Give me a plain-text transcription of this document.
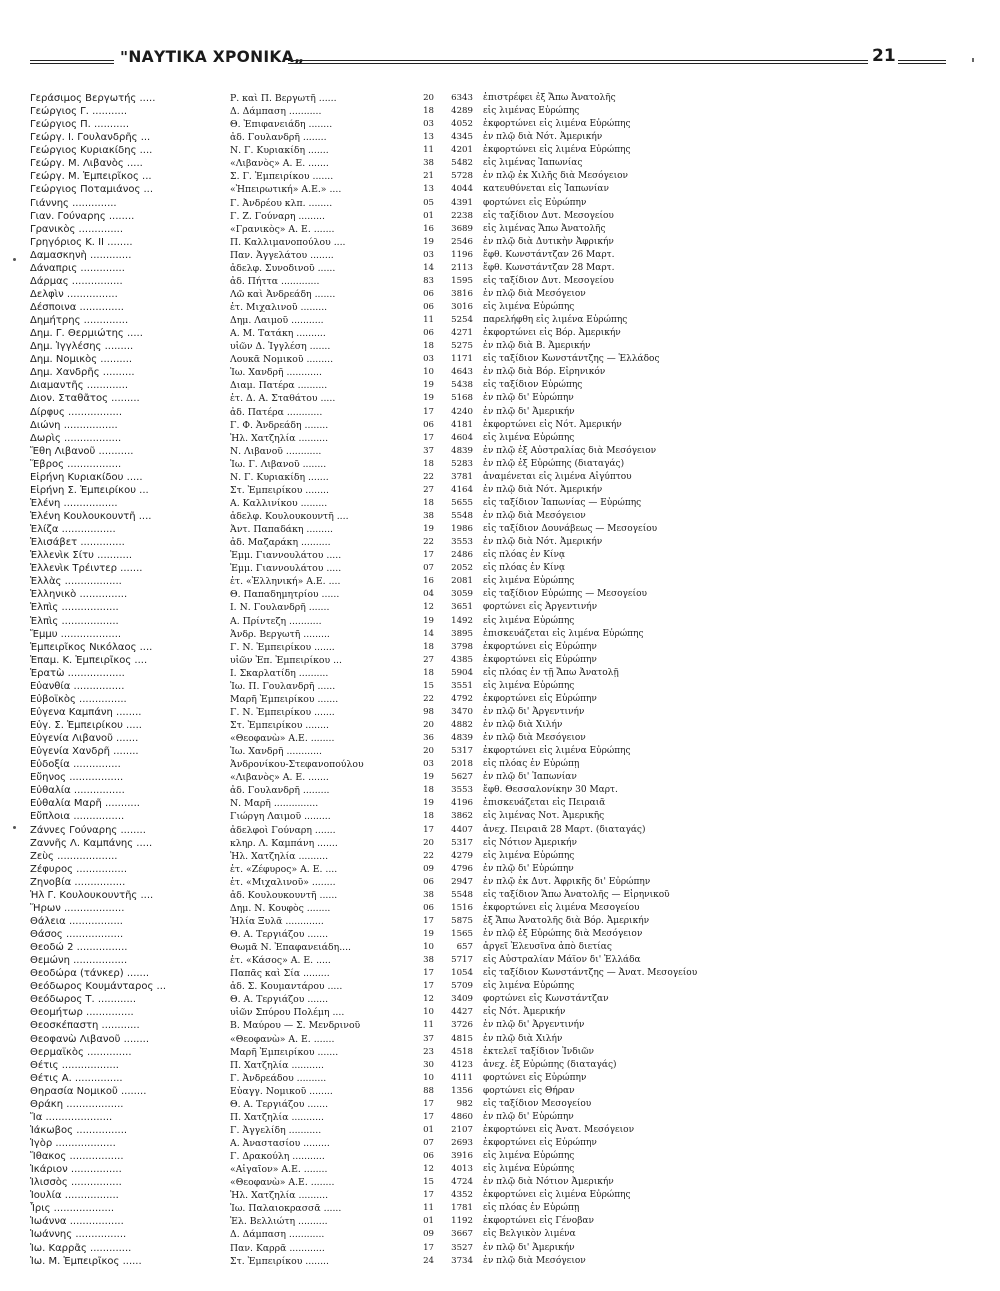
"ΝΑΥΤΙΚΑ ΧΡΟΝΙΚΑ„	21
Γεράσιμος Βεργωτής .....	Ρ. καὶ Π. Βεργωτῆ ......	20	6343 ἐπιστρέφει ἐξ Ἄπω Ἀνατολῆς
Γεώργιος Γ. ...........	Δ. Δάμπαση ...........	18	4289 εἰς λιμένας Εὐρώπης
Γεώργιος Π. ...........	Θ. Ἐπιφανειάδη ........	03	4052 ἐκφορτώνει εἰς λιμένα Εὐρώπης
Γεώργ. Ι. Γουλανδρῆς ...	ἀδ. Γουλανδρῆ ........	13	4345 ἐν πλῷ διὰ Νότ. Ἀμερικήν
Γεώργιος Κυριακίδης ....	Ν. Γ. Κυριακίδη .......	11	4201 ἐκφορτώνει εἰς λιμένα Εὐρώπης
Γεώργ. Μ. Λιβανὸς .....	«Λιβανὸς» Α. Ε. .......	38	5482 εἰς λιμένας Ἰαπωνίας
Γεώργ. Μ. Ἐμπειρῖκος ...	Σ. Γ. Ἐμπειρίκου .......	21	5728 ἐν πλῷ ἐκ Χιλῆς διὰ Μεσόγειον
Γεώργιος Ποταμιάνος ...	«Ἠπειρωτική» Α.Ε.» ....	13	4044 κατευθύνεται εἰς Ἰαπωνίαν
Γιάννης ..............	Γ. Ἀνδρέου κλπ. ........	05	4391 φορτώνει εἰς Εὐρώπην
Γιαν. Γούναρης ........	Γ. Ζ. Γούναρη .........	01	2238 εἰς ταξίδιον Δυτ. Μεσογείου
Γρανικὸς ..............	«Γρανικὸς» Α. Ε. .......	16	3689 εἰς λιμένας Ἄπω Ἀνατολῆς
Γρηγόριος Κ. ΙΙ ........	Π. Καλλιμανοπούλου ....	19	2546 ἐν πλῷ διὰ Δυτικὴν Ἀφρικήν
Δαμασκηνὴ .............	Παν. Ἀγγελάτου ........	03	1196 ἔφθ. Κωνστάντζαν 26 Μαρτ.
Δάναπρις ..............	ἀδελφ. Συνοδινοῦ ......	14	2113 ἔφθ. Κωνστάντζαν 28 Μαρτ.
Δάρμας ................	ἀδ. Πήττα .............	83	1595 εἰς ταξίδιον Δυτ. Μεσογείου
Δελφὶν ................	Λῶ καὶ Ἀνδρεάδη .......	06	3816 ἐν πλῷ διὰ Μεσόγειον
Δέσποινα ..............	ἐτ. Μιχαλινοῦ .........	06	3016 εἰς λιμένα Εὐρώπης
Δημήτρης ..............	Δημ. Λαιμοῦ ...........	11	5254 παρελήφθη εἰς λιμένα Εὐρώπης
Δημ. Γ. Θερμιώτης .....	Α. Μ. Τατάκη ..........	06	4271 ἐκφορτώνει εἰς Βόρ. Ἀμερικήν
Δημ. Ἰγγλέσης .........	υἱῶν Δ. Ἰγγλέση .......	18	5275 ἐν πλῷ διὰ Β. Ἀμερικήν
Δημ. Νομικὸς ..........	Λουκᾶ Νομικοῦ .........	03	1171 εἰς ταξίδιον Κωνστάντζης — Ἑλλάδος
Δημ. Χανδρῆς ..........	Ἰω. Χανδρῆ ............	10	4643 ἐν πλῷ διὰ Βόρ. Εἰρηνικόν
Διαμαντῆς .............	Διαμ. Πατέρα ..........	19	5438 εἰς ταξίδιον Εὐρώπης
Διον. Σταθᾶτος .........	ἐτ. Δ. Α. Σταθάτου .....	19	5168 ἐν πλῷ δι' Εὐρώπην
Δίρφυς .................	ἀδ. Πατέρα ............	17	4240 ἐν πλῷ δι' Ἀμερικήν
Διώνη .................	Γ. Φ. Ἀνδρεάδη ........	06	4181 ἐκφορτώνει εἰς Νότ. Ἀμερικήν
Δωρὶς ..................	Ἠλ. Χατζηλία ..........	17	4604 εἰς λιμένα Εὐρώπης
Ἔθη Λιβανοῦ ...........	Ν. Λιβανοῦ ............	37	4839 ἐν πλῷ ἐξ Αὐστραλίας διὰ Μεσόγειον
Ἕβρος .................	Ἰω. Γ. Λιβανοῦ ........	18	5283 ἐν πλῷ ἐξ Εὐρώπης (διαταγάς)
Εἰρήνη Κυριακίδου .....	Ν. Γ. Κυριακίδη .......	22	3781 ἀναμένεται εἰς λιμένα Αἰγύπτου
Εἰρήνη Σ. Ἐμπειρίκου ...	Στ. Ἐμπειρίκου ........	27	4164 ἐν πλῷ διὰ Νότ. Ἀμερικήν
Ἑλένη .................	Α. Καλλινίκου .........	18	5655 εἰς ταξίδιον Ἰαπωνίας — Εὐρώπης
Ἑλένη Κουλουκουντῆ ....	ἀδελφ. Κουλουκουντῆ ....	38	5548 ἐν πλῷ διὰ Μεσόγειον
Ἐλίζα .................	Ἀντ. Παπαδάκη .........	19	1986 εἰς ταξίδιον Δουνάβεως — Μεσογείου
Ἐλισάβετ ..............	ἀδ. Μαζαράκη ..........	22	3553 ἐν πλῷ διὰ Νότ. Ἀμερικήν
Ἐλλενὶκ Σίτυ ...........	Ἐμμ. Γιαννουλάτου .....	17	2486 εἰς πλόας ἐν Κίνᾳ
Ἐλλενὶκ Τρέιντερ .......	Ἐμμ. Γιαννουλάτου .....	07	2052 εἰς πλόας ἐν Κίνᾳ
Ἑλλὰς ..................	ἐτ. «Ἑλληνική» Α.Ε. ....	16	2081 εἰς λιμένα Εὐρώπης
Ἑλληνικὸ ...............	Θ. Παπαδημητρίου ......	04	3059 εἰς ταξίδιον Εὐρώπης — Μεσογείου
Ἐλπὶς ..................	Ι. Ν. Γουλανδρῆ .......	12	3651 φορτώνει εἰς Ἀργεντινήν
Ἐλπὶς ..................	Α. Πρίντεζη ...........	19	1492 εἰς λιμένα Εὐρώπης
Ἔμμυ ...................	Ἀνδρ. Βεργωτῆ .........	14	3895 ἐπισκευάζεται εἰς λιμένα Εὐρώπης
Ἐμπειρῖκος Νικόλαος ....	Γ. Ν. Ἐμπειρίκου .......	18	3798 ἐκφορτώνει εἰς Εὐρώπην
Ἐπαμ. Κ. Ἐμπειρῖκος ....	υἱῶν Ἐπ. Ἐμπειρίκου ...	27	4385 ἐκφορτώνει εἰς Εὐρώπην
Ἐρατὼ ..................	Ι. Σκαρλατίδη ..........	18	5904 εἰς πλόας ἐν τῇ Ἄπω Ἀνατολῇ
Εὐανθία ................	Ἰω. Π. Γουλανδρῆ ......	15	3551 εἰς λιμένα Εὐρώπης
Εὐβοϊκὸς ...............	Μαρῆ Ἐμπειρίκου .......	22	4792 ἐκφορτώνει εἰς Εὐρώπην
Εὐγενα Καμπάνη ........	Γ. Ν. Ἐμπειρίκου .......	98	3470 ἐν πλῷ δι' Ἀργεντινήν
Εὐγ. Σ. Ἐμπειρίκου .....	Στ. Ἐμπειρίκου ........	20	4882 ἐν πλῷ διὰ Χιλήν
Εὐγενία Λιβανοῦ .......	«Θεοφανὼ» Α.Ε. ........	36	4839 ἐν πλῷ διὰ Μεσόγειον
Εὐγενία Χανδρῆ ........	Ἰω. Χανδρῆ ............	20	5317 ἐκφορτώνει εἰς λιμένα Εὐρώπης
Εὐδοξία ...............	Ἀνδρονίκου-Στεφανοπούλου	03	2018 εἰς πλόας ἐν Εὐρώπῃ
Εὔηνος .................	«Λιβανὸς» Α. Ε. .......	19	5627 ἐν πλῷ δι' Ἰαπωνίαν
Εὐθαλία ................	ἀδ. Γουλανδρῆ .........	18	3553 ἔφθ. Θεσσαλονίκην 30 Μαρτ.
Εὐθαλία Μαρῆ ...........	Ν. Μαρῆ ...............	19	4196 ἐπισκευάζεται εἰς Πειραιᾶ
Εὔπλοια ................	Γιώργη Λαιμοῦ .........	18	3862 εἰς λιμένας Νοτ. Ἀμερικῆς
Ζάννες Γούναρης ........	ἀδελφοὶ Γούναρη .......	17	4407 ἀνεχ. Πειραιᾶ 28 Μαρτ. (διαταγάς)
Ζαννῆς Λ. Καμπάνης .....	κληρ. Λ. Καμπάνη .......	20	5317 εἰς Νότιον Ἀμερικήν
Ζεὺς ...................	Ἠλ. Χατζηλία ..........	22	4279 εἰς λιμένα Εὐρώπης
Ζέφυρος ................	ἐτ. «Ζέφυρος» Α. Ε. ....	09	4796 ἐν πλῷ δι' Εὐρώπην
Ζηνοβία ................	ἐτ. «Μιχαλινοῦ» ........	06	2947 ἐν πλῷ ἐκ Δυτ. Ἀφρικῆς δι' Εὐρώπην
Ἠλ Γ. Κουλουκουντῆς ....	ἀδ. Κουλουκουντῆ ......	38	5548 εἰς ταξίδιον Ἄπω Ἀνατολῆς — Εἰρηνικοῦ
Ἥρων ...................	Δημ. Ν. Κουφὸς ........	06	1516 ἐκφορτώνει εἰς λιμένα Μεσογείου
Θάλεια .................	Ἠλία Ξυλᾶ .............	17	5875 ἐξ Ἄπω Ἀνατολῆς διὰ Βόρ. Ἀμερικήν
Θάσος ..................	Θ. Α. Τεργιάζου .......	19	1565 ἐν πλῷ ἐξ Εὐρώπης διὰ Μεσόγειον
Θεοδώ 2 ................	Θωμᾶ Ν. Ἐπαφανειάδη....	10	657 ἀργεῖ Ἐλευσῖνα ἀπὸ διετίας
Θεμώνη .................	ἐτ. «Κάσος» Α. Ε. .....	38	5717 εἰς Αὐστραλίαν Μάϊον δι' Ἑλλάδα
Θεοδώρα (τάνκερ) .......	Παπᾶς καὶ Σία .........	17	1054 εἰς ταξίδιον Κωνστάντζης — Ἀνατ. Μεσογείου
Θεόδωρος Κουμάνταρος ...	ἀδ. Σ. Κουμαντάρου .....	17	5709 εἰς λιμένα Εὐρώπης
Θεόδωρος Τ. ............	Θ. Α. Τεργιάζου .......	12	3409 φορτώνει εἰς Κωνστάντζαν
Θεομήτωρ ...............	υἱῶν Σπύρου Πολέμη ....	10	4427 εἰς Νότ. Ἀμερικήν
Θεοσκέπαστη ............	Β. Μαύρου — Σ. Μενδρινοῦ	11	3726 ἐν πλῷ δι' Ἀργεντινήν
Θεοφανὼ Λιβανοῦ ........	«Θεοφανὼ» Α. Ε. .......	37	4815 ἐν πλῷ διὰ Χιλήν
Θερμαϊκὸς ..............	Μαρῆ Ἐμπειρίκου .......	23	4518 ἐκτελεῖ ταξίδιον Ἰνδιῶν
Θέτις ..................	Π. Χατζηλία ...........	30	4123 ἀνεχ. ἐξ Εὐρώπης (διαταγάς)
Θέτις Α. ...............	Γ. Ἀνδρεάδου ..........	10	4111 φορτώνει εἰς Εὐρώπην
Θηρασία Νομικοῦ ........	Εὐαγγ. Νομικοῦ ........	88	1356 φορτώνει εἰς Θήραν
Θράκη ..................	Θ. Α. Τεργιάζου .......	17	982 εἰς ταξίδιον Μεσογείου
Ἴα .....................	Π. Χατζηλία ...........	17	4860 ἐν πλῷ δι' Εὐρώπην
Ἰάκωβος ................	Γ. Ἀγγελίδη ...........	01	2107 ἐκφορτώνει εἰς Ἀνατ. Μεσόγειον
Ἰγὸρ ...................	Α. Ἀναστασίου .........	07	2693 ἐκφορτώνει εἰς Εὐρώπην
Ἴθακος .................	Γ. Δρακούλη ...........	06	3916 εἰς λιμένα Εὐρώπης
Ἰκάριον ................	«Αἰγαῖον» Α.Ε. ........	12	4013 εἰς λιμένα Εὐρώπης
Ἰλισσὸς ................	«Θεοφανὼ» Α.Ε. ........	15	4724 ἐν πλῷ διὰ Νότιον Ἀμερικήν
Ἰουλία .................	Ἠλ. Χατζηλία ..........	17	4352 ἐκφορτώνει εἰς λιμένα Εὐρώπης
Ἶρις ...................	Ἰω. Παλαιοκρασσᾶ ......	11	1781 εἰς πλόας ἐν Εὐρώπῃ
Ἰωάννα .................	Ἐλ. Βελλιώτη ..........	01	1192 ἐκφορτώνει εἰς Γένοβαν
Ἰωάννης ................	Δ. Δάμπαση ............	09	3667 εἰς Βελγικὸν λιμένα
Ἰω. Καρρᾶς .............	Παν. Καρρᾶ ............	17	3527 ἐν πλῷ δι' Ἀμερικήν
Ἰω. Μ. Ἐμπειρῖκος ......	Στ. Ἐμπειρίκου ........	24	3734 ἐν πλῷ διὰ Μεσόγειον
